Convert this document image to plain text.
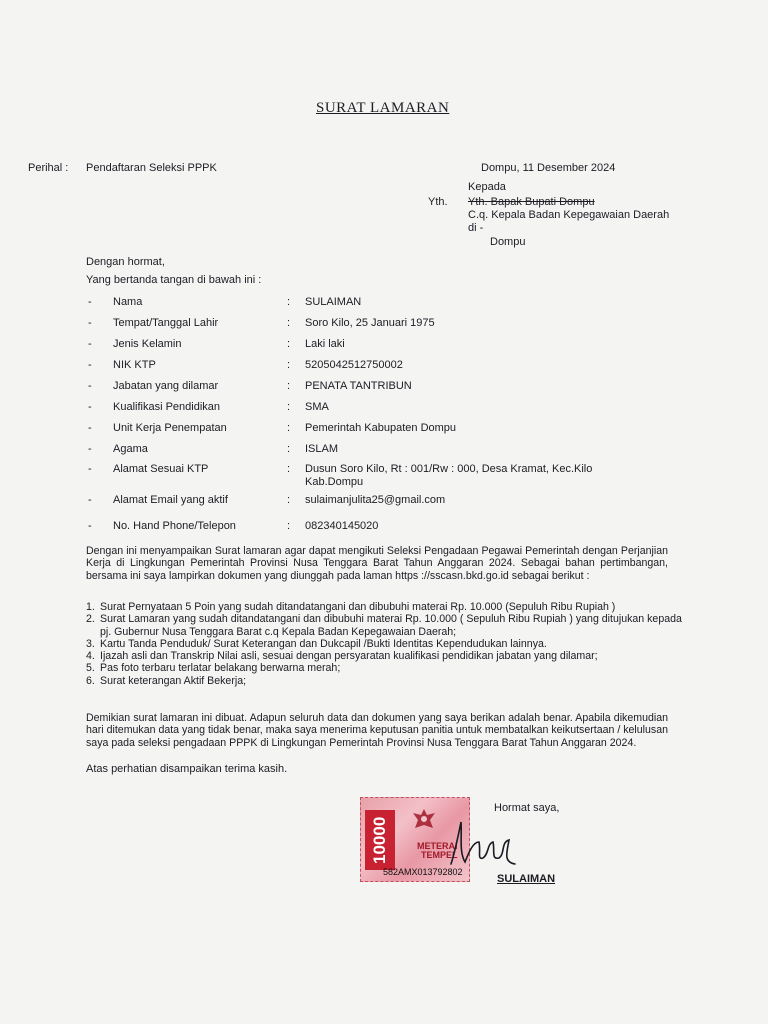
SURAT LAMARAN
Perihal : Pendaftaran Seleksi PPPK	Dompu, 11 Desember 2024
Kepada
Yth. Yth. Bapak Bupati Dompu
C.q. Kepala Badan Kepegawaian Daerah
di -
Dompu
Dengan hormat,
Yang bertanda tangan di bawah ini :
- Nama	: SULAIMAN
- Tempat/Tanggal Lahir	: Soro Kilo, 25 Januari 1975
- Jenis Kelamin	: Laki laki
- NIK KTP	: 5205042512750002
- Jabatan yang dilamar	: PENATA TANTRIBUN
- Kualifikasi Pendidikan	: SMA
- Unit Kerja Penempatan	: Pemerintah Kabupaten Dompu
- Agama	: ISLAM
- Alamat Sesuai KTP	: Dusun Soro Kilo, Rt : 001/Rw : 000, Desa Kramat, Kec.Kilo
Kab.Dompu
- Alamat Email yang aktif	: sulaimanjulita25@gmail.com
- No. Hand Phone/Telepon	: 082340145020
Dengan ini menyampaikan Surat lamaran agar dapat mengikuti Seleksi Pengadaan Pegawai Pemerintah dengan Perjanjian Kerja di Lingkungan Pemerintah Provinsi Nusa Tenggara Barat Tahun Anggaran 2024. Sebagai bahan pertimbangan, bersama ini saya lampirkan dokumen yang diunggah pada laman https ://sscasn.bkd.go.id sebagai berikut :
1. Surat Pernyataan 5 Poin yang sudah ditandatangani dan dibubuhi materai Rp. 10.000 (Sepuluh Ribu Rupiah )
2. Surat Lamaran yang sudah ditandatangani dan dibubuhi materai Rp. 10.000 ( Sepuluh Ribu Rupiah ) yang ditujukan kepada pj. Gubernur Nusa Tenggara Barat c.q Kepala Badan Kepegawaian Daerah;
3. Kartu Tanda Penduduk/ Surat Keterangan dan Dukcapil /Bukti Identitas Kependudukan lainnya.
4. Ijazah asli dan Transkrip Nilai asli, sesuai dengan persyaratan kualifikasi pendidikan jabatan yang dilamar;
5. Pas foto terbaru terlatar belakang berwarna merah;
6. Surat keterangan Aktif Bekerja;
Demikian surat lamaran ini dibuat. Adapun seluruh data dan dokumen yang saya berikan adalah benar. Apabila dikemudian hari ditemukan data yang tidak benar, maka saya menerima keputusan panitia untuk membatalkan keikutsertaan / kelulusan saya pada seleksi pengadaan PPPK di Lingkungan Pemerintah Provinsi Nusa Tenggara Barat Tahun Anggaran 2024.
Atas perhatian disampaikan terima kasih.
Hormat saya,
10000	METERAI
TEMPEL
582AMX013792802
SULAIMAN
